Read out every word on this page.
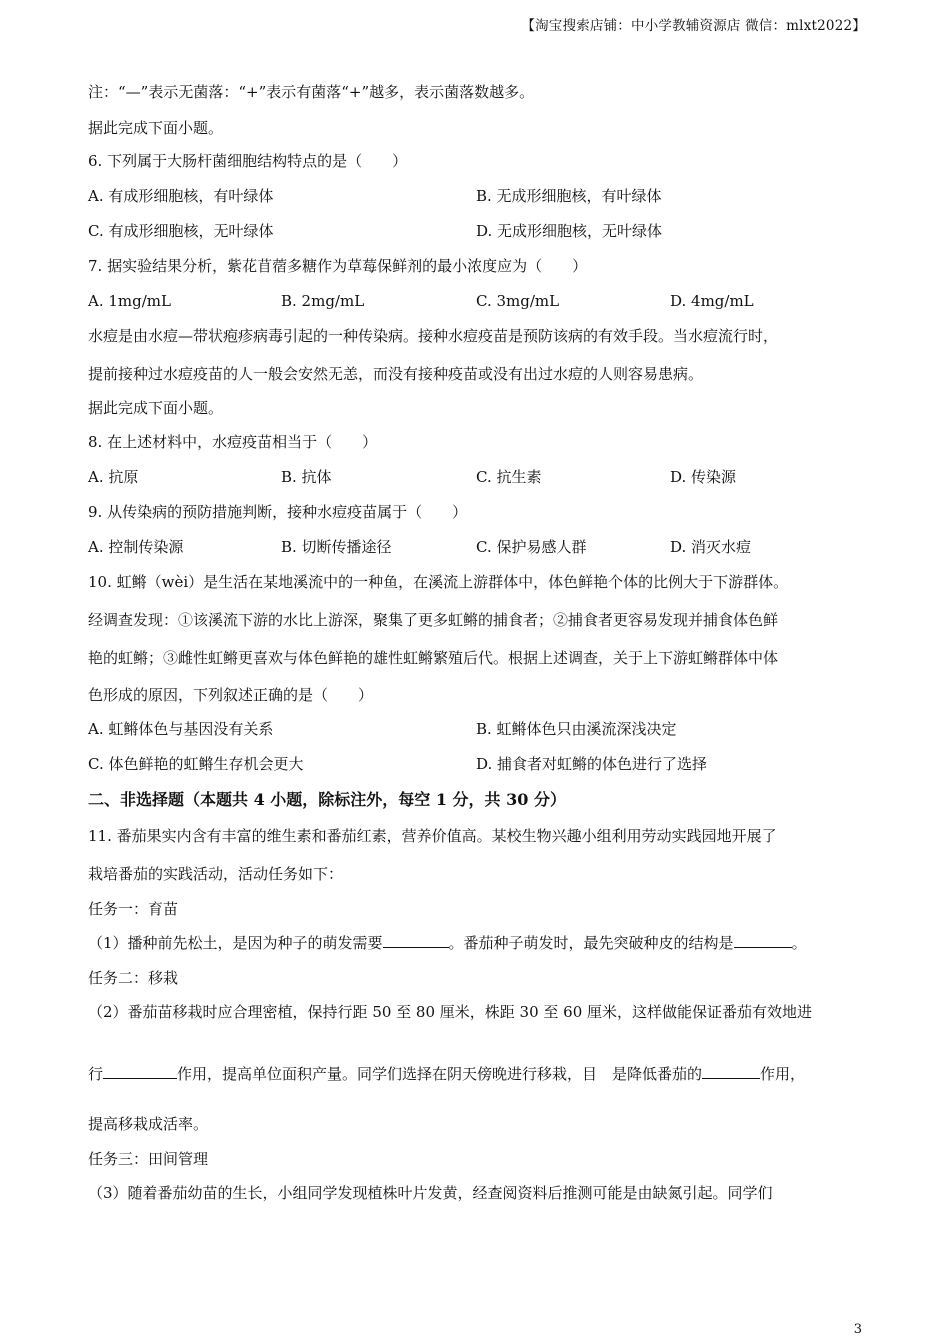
【淘宝搜索店铺：中小学教辅资源店 微信：mlxt2022】
注：“—”表示无菌落：“+”表示有菌落“+”越多，表示菌落数越多。
据此完成下面小题。
6. 下列属于大肠杆菌细胞结构特点的是（　　）
A. 有成形细胞核，有叶绿体	B. 无成形细胞核，有叶绿体
C. 有成形细胞核，无叶绿体	D. 无成形细胞核，无叶绿体
7. 据实验结果分析，紫花苜蓿多糖作为草莓保鲜剂的最小浓度应为（　　）
A. 1mg/mL	B. 2mg/mL	C. 3mg/mL	D. 4mg/mL
水痘是由水痘—带状疱疹病毒引起的一种传染病。接种水痘疫苗是预防该病的有效手段。当水痘流行时，
提前接种过水痘疫苗的人一般会安然无恙，而没有接种疫苗或没有出过水痘的人则容易患病。
据此完成下面小题。
8. 在上述材料中，水痘疫苗相当于（　　）
A. 抗原	B. 抗体	C. 抗生素	D. 传染源
9. 从传染病的预防措施判断，接种水痘疫苗属于（　　）
A. 控制传染源	B. 切断传播途径	C. 保护易感人群	D. 消灭水痘
10. 虹鳉（wèi）是生活在某地溪流中的一种鱼，在溪流上游群体中，体色鲜艳个体的比例大于下游群体。
经调查发现：①该溪流下游的水比上游深，聚集了更多虹鳉的捕食者；②捕食者更容易发现并捕食体色鲜
艳的虹鳉；③雌性虹鳉更喜欢与体色鲜艳的雄性虹鳉繁殖后代。根据上述调查，关于上下游虹鳉群体中体
色形成的原因，下列叙述正确的是（　　）
A. 虹鳉体色与基因没有关系	B. 虹鳉体色只由溪流深浅决定
C. 体色鲜艳的虹鳉生存机会更大	D. 捕食者对虹鳉的体色进行了选择
二、非选择题（本题共 4 小题，除标注外，每空 1 分，共 30 分）
11. 番茄果实内含有丰富的维生素和番茄红素，营养价值高。某校生物兴趣小组利用劳动实践园地开展了
栽培番茄的实践活动，活动任务如下：
任务一：育苗
（1）播种前先松土，是因为种子的萌发需要	。番茄种子萌发时，最先突破种皮的结构是	。
任务二：移栽
（2）番茄苗移栽时应合理密植，保持行距 50 至 80 厘米，株距 30 至 60 厘米，这样做能保证番茄有效地进
行	作用，提高单位面积产量。同学们选择在阴天傍晚进行移栽，目　是降低番茄的	作用，
提高移栽成活率。
任务三：田间管理
（3）随着番茄幼苗的生长，小组同学发现植株叶片发黄，经查阅资料后推测可能是由缺氮引起。同学们
3
